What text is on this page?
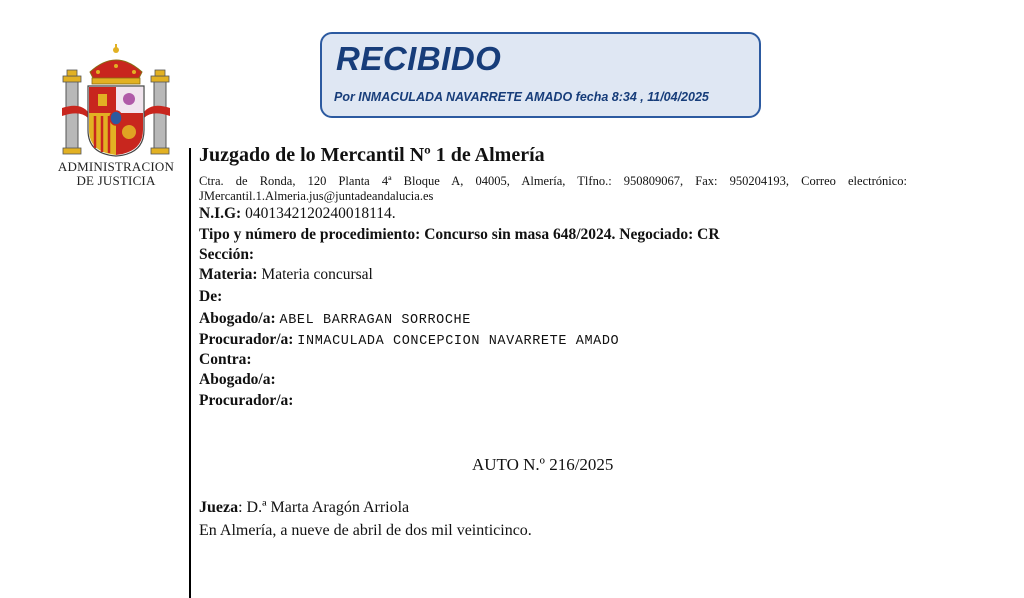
ADMINISTRACION
DE JUSTICIA
RECIBIDO
Por INMACULADA NAVARRETE AMADO fecha 8:34 , 11/04/2025
Juzgado de lo Mercantil Nº 1 de Almería
Ctra. de Ronda, 120 Planta 4ª Bloque A, 04005, Almería, Tlfno.: 950809067, Fax: 950204193, Correo electrónico: JMercantil.1.Almeria.jus@juntadeandalucia.es
N.I.G: 0401342120240018114.
Tipo y número de procedimiento: Concurso sin masa 648/2024. Negociado: CR
Sección:
Materia: Materia concursal
De:
Abogado/a: ABEL BARRAGAN SORROCHE
Procurador/a: INMACULADA CONCEPCION NAVARRETE AMADO
Contra:
Abogado/a:
Procurador/a:
AUTO N.º 216/2025
Jueza: D.ª Marta Aragón Arriola
En Almería, a nueve de abril de dos mil veinticinco.
